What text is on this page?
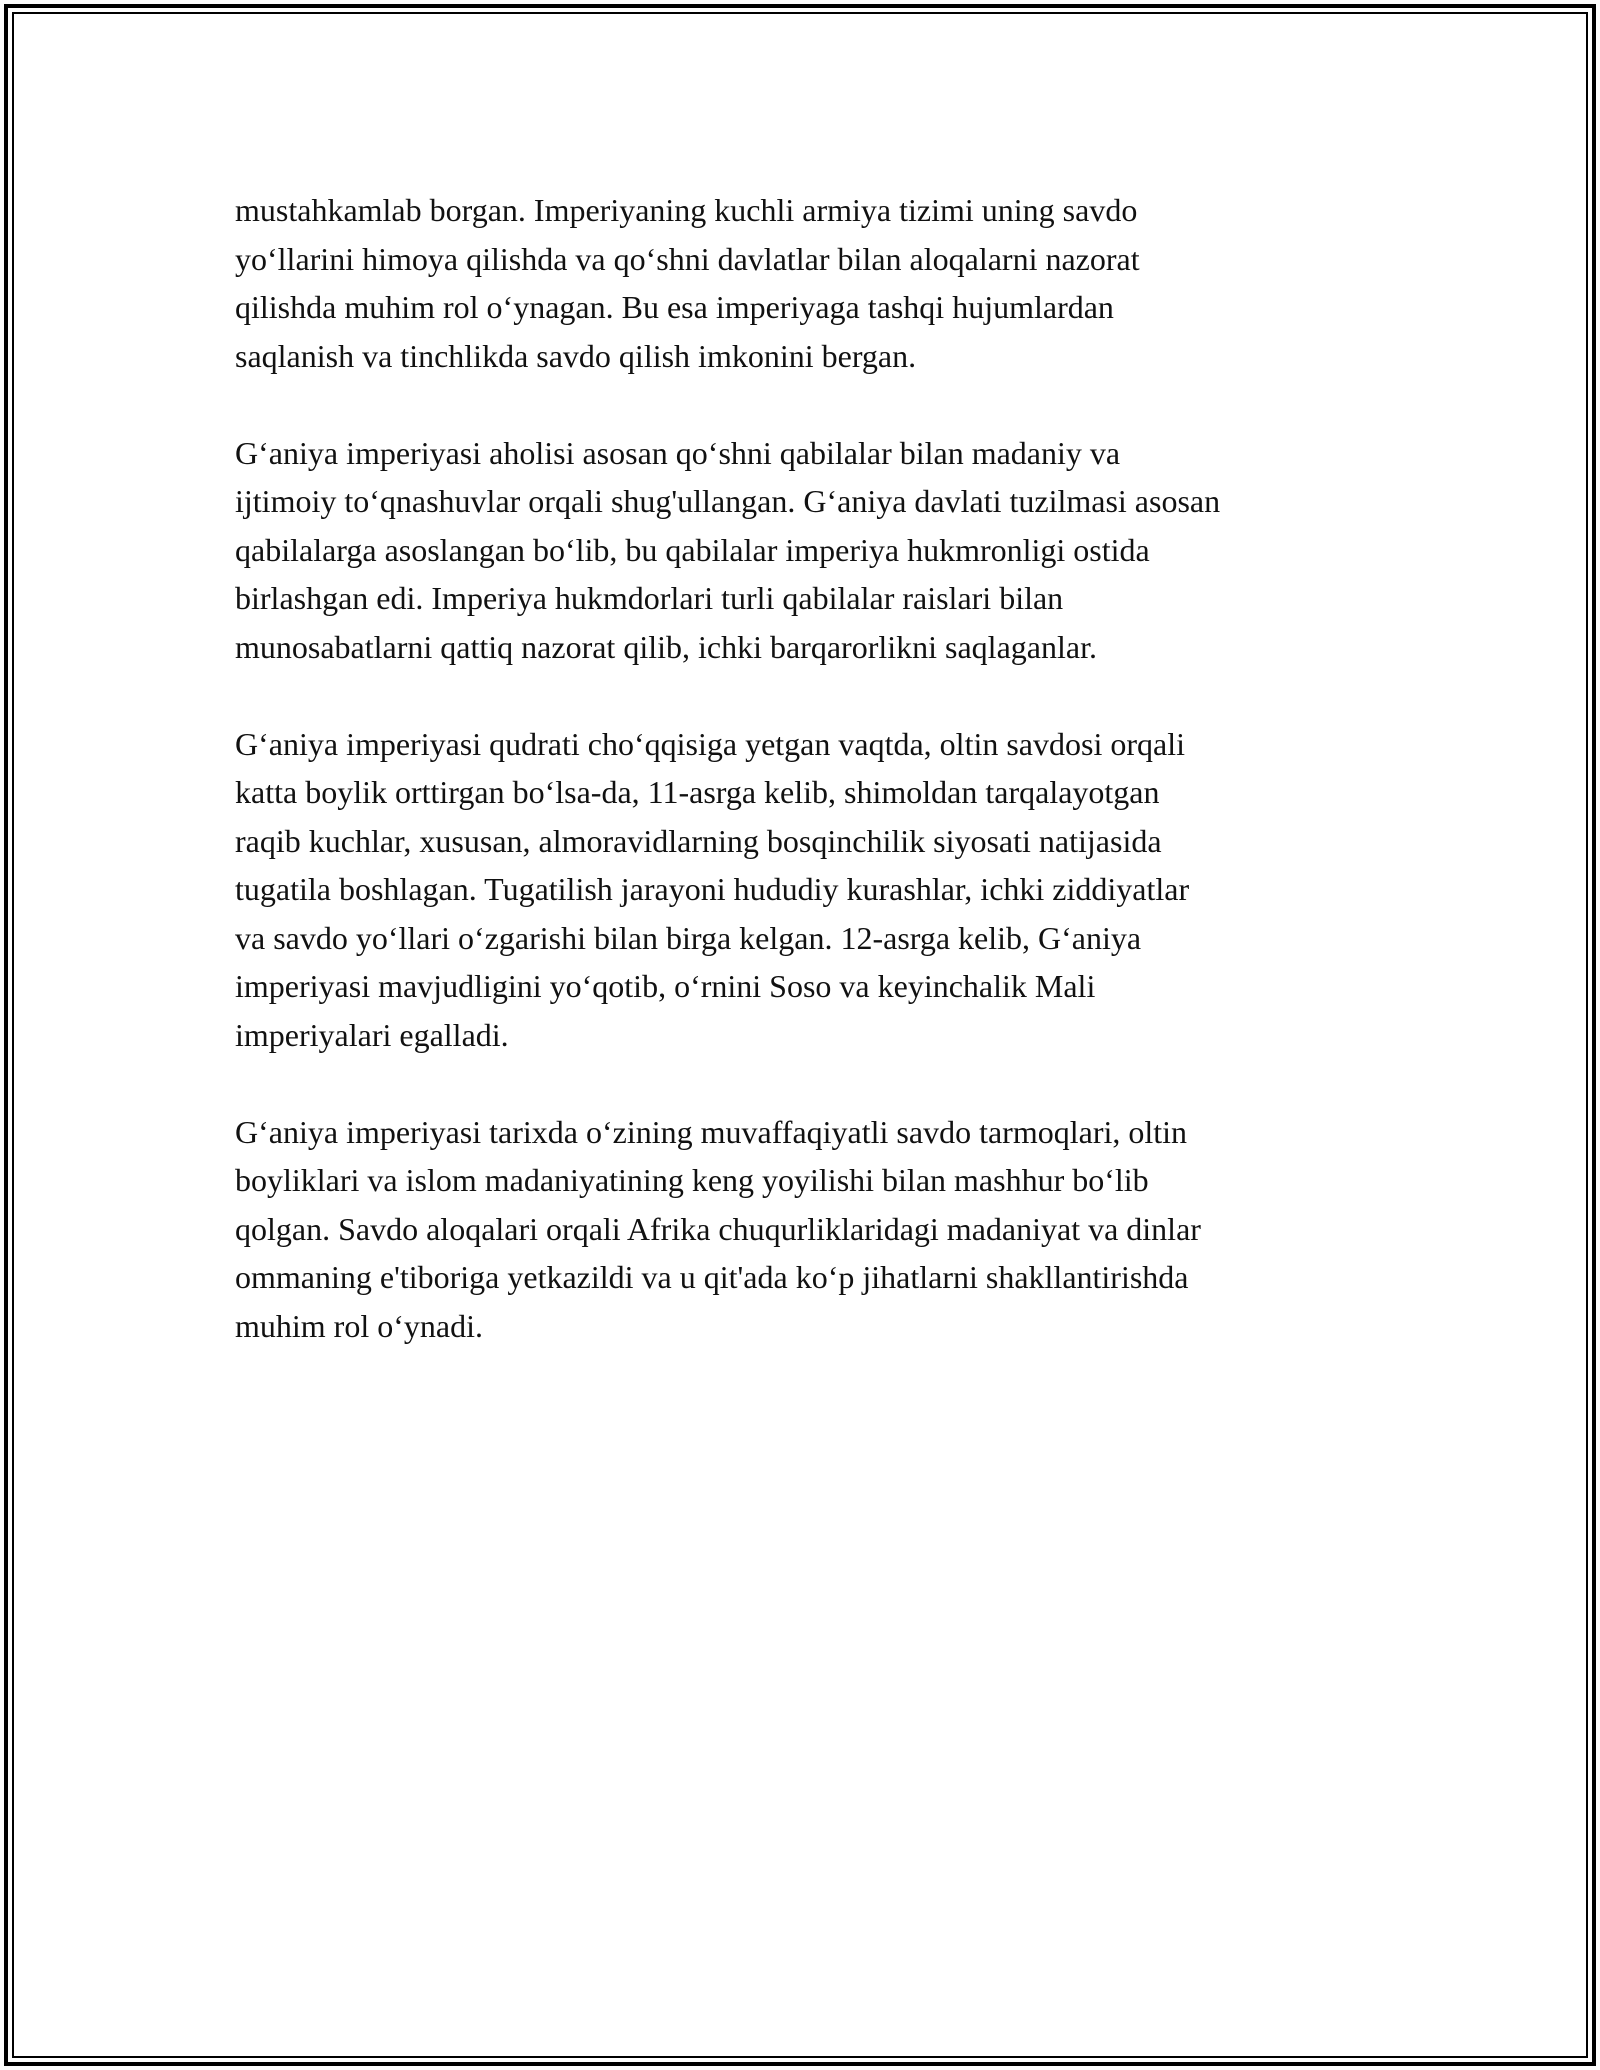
mustahkamlab borgan. Imperiyaning kuchli armiya tizimi uning savdo
yo‘llarini himoya qilishda va qo‘shni davlatlar bilan aloqalarni nazorat
qilishda muhim rol o‘ynagan. Bu esa imperiyaga tashqi hujumlardan
saqlanish va tinchlikda savdo qilish imkonini bergan.

G‘aniya imperiyasi aholisi asosan qo‘shni qabilalar bilan madaniy va
ijtimoiy to‘qnashuvlar orqali shug'ullangan. G‘aniya davlati tuzilmasi asosan
qabilalarga asoslangan bo‘lib, bu qabilalar imperiya hukmronligi ostida
birlashgan edi. Imperiya hukmdorlari turli qabilalar raislari bilan
munosabatlarni qattiq nazorat qilib, ichki barqarorlikni saqlaganlar.

G‘aniya imperiyasi qudrati cho‘qqisiga yetgan vaqtda, oltin savdosi orqali
katta boylik orttirgan bo‘lsa-da, 11-asrga kelib, shimoldan tarqalayotgan
raqib kuchlar, xususan, almoravidlarning bosqinchilik siyosati natijasida
tugatila boshlagan. Tugatilish jarayoni hududiy kurashlar, ichki ziddiyatlar
va savdo yo‘llari o‘zgarishi bilan birga kelgan. 12-asrga kelib, G‘aniya
imperiyasi mavjudligini yo‘qotib, o‘rnini Soso va keyinchalik Mali
imperiyalari egalladi.

G‘aniya imperiyasi tarixda o‘zining muvaffaqiyatli savdo tarmoqlari, oltin
boyliklari va islom madaniyatining keng yoyilishi bilan mashhur bo‘lib
qolgan. Savdo aloqalari orqali Afrika chuqurliklaridagi madaniyat va dinlar
ommaning e'tiboriga yetkazildi va u qit'ada ko‘p jihatlarni shakllantirishda
muhim rol o‘ynadi.
